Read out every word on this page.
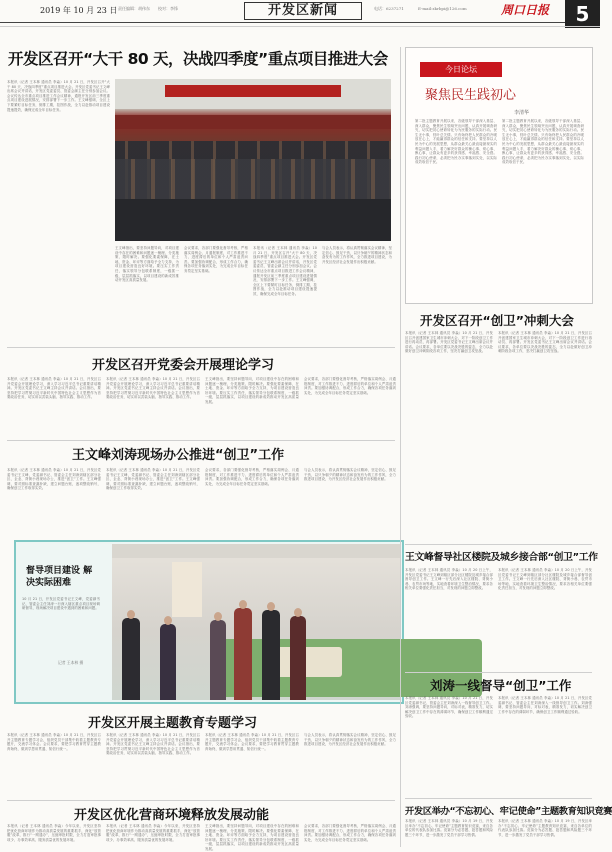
2019 年 10 月 23 日 责任编辑：胡伟东 校对：李锋	开发区新闻	电话：6237271	E-mail:zkrbpi@126.com	周口日报	5
开发区召开“大干 80 天，决战四季度”重点项目推进大会
本报讯（记者 王本林 通讯员 李淼）10 月 21 日，开发区召开“大干 80 天，决战四季度”重点项目推进大会。开发区党委书记王文峰出席会议并讲话，开发区党委委员、管委会副主任分别参加会议。会议传达全市重点项目推进工作会议精神，通报开发区前三季度重点项目建设进展情况，安排部署下一步工作。王文峰强调，全区上下要紧盯目标任务，倒排工期，挂图作战，全力以赴推动项目建设提速提效，确保完成全年目标任务。
王文峰指出，要坚持问题导向，对项目建设中存在的困难和问题逐一梳理、分类施策、限时解决。要强化要素保障，在土地、资金、环评等方面给予全力支持，为项目建设营造良好环境。要压实工作责任，落实领导分包联系制度，一级抓一级，层层抓落实，以项目建设的新成效推动开发区高质量发展。
会议要求，各部门要强化督导考核，严格落实周例会、月通报制度，对工作推进不力、进度滞后的单位和个人严肃追责问责。要加强协调配合，形成工作合力，确保各项任务落到实处，为完成全年目标任务奠定坚实基础。
本报讯（记者 王本林 通讯员 李淼）10 月 21 日，开发区召开“大干 80 天，决战四季度”重点项目推进大会。开发区党委书记王文峰出席会议并讲话，开发区党委委员、管委会副主任分别参加会议。会议传达全市重点项目推进工作会议精神，通报开发区前三季度重点项目建设进展情况，安排部署下一步工作。王文峰强调，全区上下要紧盯目标任务，倒排工期，挂图作战，全力以赴推动项目建设提速提效，确保完成全年目标任务。
与会人员表示，将认真贯彻落实会议精神，坚定信心、鼓足干劲，以只争朝夕的精神状态和奋发有为的工作作风，全力推进项目建设，为开发区经济社会发展作出积极贡献。
今日论坛
聚焦民生践初心
李清华
第二批主题教育开展以来，各级领导干部深入基层、深入群众，聚焦民生领域突出问题，认真开展调查研究，切实把初心使命转化为为民服务的实际行动。民生无小事，枝叶总关情。只有始终把人民群众的冷暖放在心上，才能赢得群众的信任和支持。要坚持以人民为中心的发展思想，从群众最关心最直接最现实的利益问题入手，着力解决好群众的操心事、烦心事、揪心事，让群众有更多的获得感、幸福感、安全感。践行初心使命，必须把为民办实事落到实处，以实际成效取信于民。
第二批主题教育开展以来，各级领导干部深入基层、深入群众，聚焦民生领域突出问题，认真开展调查研究，切实把初心使命转化为为民服务的实际行动。民生无小事，枝叶总关情。只有始终把人民群众的冷暖放在心上，才能赢得群众的信任和支持。要坚持以人民为中心的发展思想，从群众最关心最直接最现实的利益问题入手，着力解决好群众的操心事、烦心事、揪心事，让群众有更多的获得感、幸福感、安全感。践行初心使命，必须把为民办实事落到实处，以实际成效取信于民。
开发区召开党委会开展理论学习
本报讯（记者 王本林 通讯员 李淼）10 月 21 日，开发区召开党委会开展理论学习，深入学习习近平总书记重要讲话精神。开发区党委书记王文峰主持会议并讲话。会议指出，要坚持把学习贯彻习近平新时代中国特色社会主义思想作为首要政治任务，切实用以武装头脑、指导实践、推动工作。
本报讯（记者 王本林 通讯员 李淼）10 月 21 日，开发区召开党委会开展理论学习，深入学习习近平总书记重要讲话精神。开发区党委书记王文峰主持会议并讲话。会议指出，要坚持把学习贯彻习近平新时代中国特色社会主义思想作为首要政治任务，切实用以武装头脑、指导实践、推动工作。
王文峰指出，要坚持问题导向，对项目建设中存在的困难和问题逐一梳理、分类施策、限时解决。要强化要素保障，在土地、资金、环评等方面给予全力支持，为项目建设营造良好环境。要压实工作责任，落实领导分包联系制度，一级抓一级，层层抓落实，以项目建设的新成效推动开发区高质量发展。
会议要求，各部门要强化督导考核，严格落实周例会、月通报制度，对工作推进不力、进度滞后的单位和个人严肃追责问责。要加强协调配合，形成工作合力，确保各项任务落到实处，为完成全年目标任务奠定坚实基础。
王文峰刘涛现场办公推进“创卫”工作
本报讯（记者 王本林 通讯员 李淼）10 月 21 日，开发区党委书记王文峰，党委副书记、管委会主任刘涛到辖区部分社区、企业、背街小巷现场办公，推进“创卫”工作。王文峰强调，要对照标准查漏补缺，建立问题台账，逐项整改销号，确保创卫工作取得实效。
本报讯（记者 王本林 通讯员 李淼）10 月 21 日，开发区党委书记王文峰，党委副书记、管委会主任刘涛到辖区部分社区、企业、背街小巷现场办公，推进“创卫”工作。王文峰强调，要对照标准查漏补缺，建立问题台账，逐项整改销号，确保创卫工作取得实效。
会议要求，各部门要强化督导考核，严格落实周例会、月通报制度，对工作推进不力、进度滞后的单位和个人严肃追责问责。要加强协调配合，形成工作合力，确保各项任务落到实处，为完成全年目标任务奠定坚实基础。
与会人员表示，将认真贯彻落实会议精神，坚定信心、鼓足干劲，以只争朝夕的精神状态和奋发有为的工作作风，全力推进项目建设，为开发区经济社会发展作出积极贡献。
督导项目建设 解决实际困难
10 月 21 日，开发区党委书记王文峰，党委副书记、管委会主任刘涛一行深入辖区重点项目现场调研督导，现场解决项目建设中遇到的困难和问题。
记者 王本林 摄
开发区开展主题教育专题学习
本报讯（记者 王本林 通讯员 李淼）10 月 21 日，开发区召开主题教育专题学习会，组织党员干部集中收看主题教育专题片，交流学习体会。会议要求，要把学习教育贯穿主题教育始终，做到学思用贯通、知信行统一。
本报讯（记者 王本林 通讯员 李淼）10 月 21 日，开发区召开党委会开展理论学习，深入学习习近平总书记重要讲话精神。开发区党委书记王文峰主持会议并讲话。会议指出，要坚持把学习贯彻习近平新时代中国特色社会主义思想作为首要政治任务，切实用以武装头脑、指导实践、推动工作。
本报讯（记者 王本林 通讯员 李淼）10 月 21 日，开发区召开主题教育专题学习会，组织党员干部集中收看主题教育专题片，交流学习体会。会议要求，要把学习教育贯穿主题教育始终，做到学思用贯通、知信行统一。
与会人员表示，将认真贯彻落实会议精神，坚定信心、鼓足干劲，以只争朝夕的精神状态和奋发有为的工作作风，全力推进项目建设，为开发区经济社会发展作出积极贡献。
开发区优化营商环境释放发展动能
本报讯（记者 王本林 通讯员 李淼）今年以来，开发区坚持把优化营商环境作为推动高质量发展的重要抓手，深化“放管服”改革，推行“一网通办”，压缩审批时限，全力打造审批事项少、办事效率高、服务质量优的发展环境。
本报讯（记者 王本林 通讯员 李淼）今年以来，开发区坚持把优化营商环境作为推动高质量发展的重要抓手，深化“放管服”改革，推行“一网通办”，压缩审批时限，全力打造审批事项少、办事效率高、服务质量优的发展环境。
王文峰指出，要坚持问题导向，对项目建设中存在的困难和问题逐一梳理、分类施策、限时解决。要强化要素保障，在土地、资金、环评等方面给予全力支持，为项目建设营造良好环境。要压实工作责任，落实领导分包联系制度，一级抓一级，层层抓落实，以项目建设的新成效推动开发区高质量发展。
会议要求，各部门要强化督导考核，严格落实周例会、月通报制度，对工作推进不力、进度滞后的单位和个人严肃追责问责。要加强协调配合，形成工作合力，确保各项任务落到实处，为完成全年目标任务奠定坚实基础。
开发区召开“创卫”冲刺大会
本报讯（记者 王本林 通讯员 李淼）10 月 21 日，开发区召开创建国家卫生城市冲刺大会，对下一阶段创卫工作进行再动员、再部署。开发区党委书记王文峰出席会议并讲话。会议要求，各单位要以决战决胜的姿态，全力以赴做好创卫冲刺阶段各项工作，坚决打赢创卫攻坚战。
本报讯（记者 王本林 通讯员 李淼）10 月 21 日，开发区召开创建国家卫生城市冲刺大会，对下一阶段创卫工作进行再动员、再部署。开发区党委书记王文峰出席会议并讲话。会议要求，各单位要以决战决胜的姿态，全力以赴做好创卫冲刺阶段各项工作，坚决打赢创卫攻坚战。
王文峰督导社区楼院及城乡接合部“创卫”工作
本报讯（记者 王本林 通讯员 李淼）10 月 20 日上午，开发区党委书记王文峰到辖区部分社区楼院及城乡接合部督导创卫工作。王文峰一行先后深入社区楼院、背街小巷、农贸市场等地，实地查看环境卫生整治情况，要求各相关单位要强化责任担当，对发现的问题立即整改。
本报讯（记者 王本林 通讯员 李淼）10 月 20 日上午，开发区党委书记王文峰到辖区部分社区楼院及城乡接合部督导创卫工作。王文峰一行先后深入社区楼院、背街小巷、农贸市场等地，实地查看环境卫生整治情况，要求各相关单位要强化责任担当，对发现的问题立即整改。
刘涛一线督导“创卫”工作
本报讯（记者 王本林 通讯员 李淼）10 月 21 日，开发区党委副书记、管委会主任刘涛深入一线督导创卫工作。刘涛强调，要坚持问题导向，对标对表，精准发力，切实解决创卫工作中存在的薄弱环节，确保创卫工作顺利通过验收。
本报讯（记者 王本林 通讯员 李淼）10 月 21 日，开发区党委副书记、管委会主任刘涛深入一线督导创卫工作。刘涛强调，要坚持问题导向，对标对表，精准发力，切实解决创卫工作中存在的薄弱环节，确保创卫工作顺利通过验收。
开发区举办“不忘初心、牢记使命”主题教育知识竞赛
本报讯（记者 王本林 通讯员 李淼）10 月 19 日，开发区举办“不忘初心、牢记使命”主题教育知识竞赛，来自各单位的代表队参加比赛。竞赛分为必答题、抢答题和风险题三个环节，进一步激发了党员干部学习热情。
本报讯（记者 王本林 通讯员 李淼）10 月 19 日，开发区举办“不忘初心、牢记使命”主题教育知识竞赛，来自各单位的代表队参加比赛。竞赛分为必答题、抢答题和风险题三个环节，进一步激发了党员干部学习热情。
